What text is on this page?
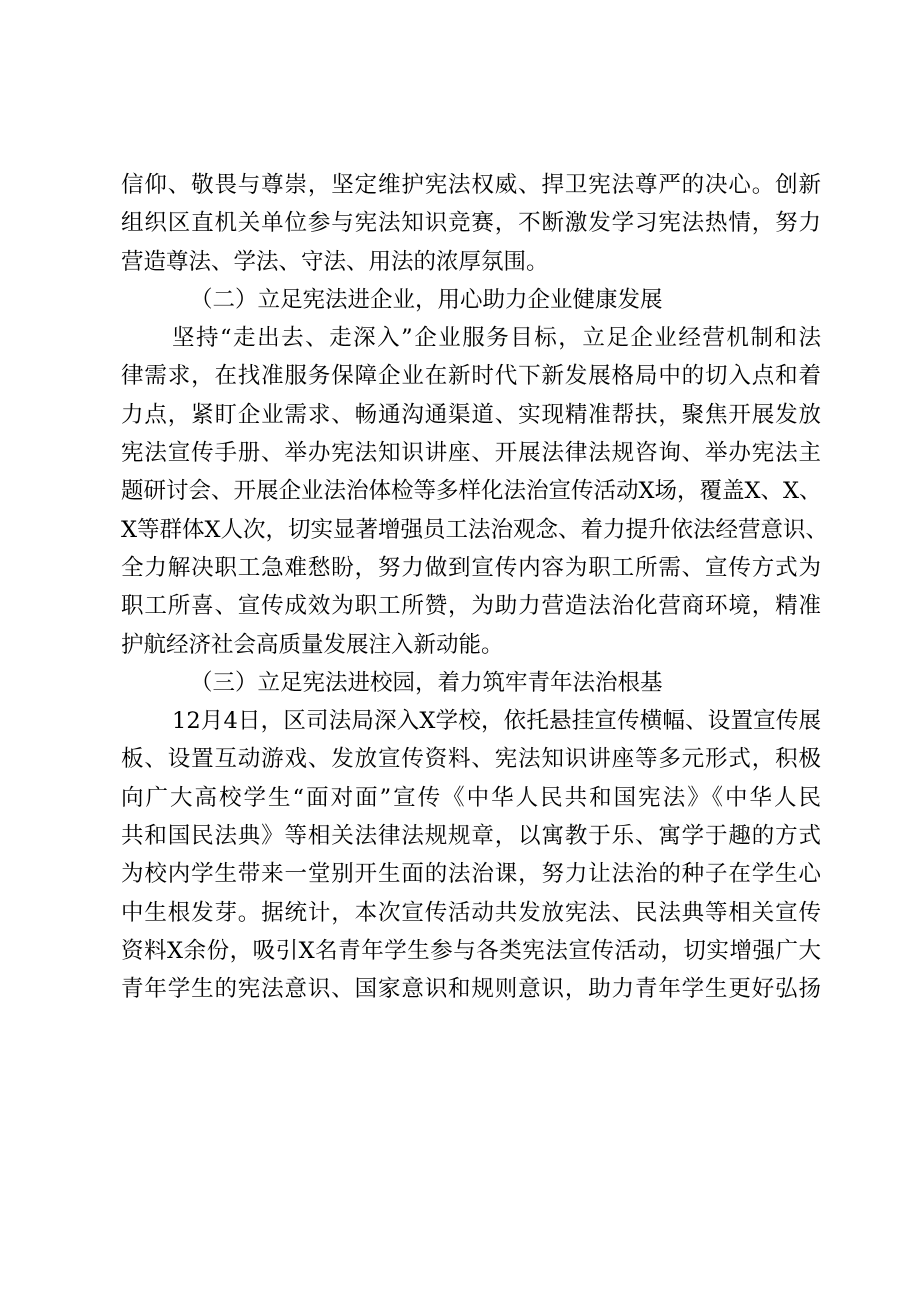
信仰、敬畏与尊崇，坚定维护宪法权威、捍卫宪法尊严的决心。创新
组织区直机关单位参与宪法知识竞赛，不断激发学习宪法热情，努力
营造尊法、学法、守法、用法的浓厚氛围。
（二）立足宪法进企业，用心助力企业健康发展
坚持“走出去、走深入”企业服务目标，立足企业经营机制和法
律需求，在找准服务保障企业在新时代下新发展格局中的切入点和着
力点，紧盯企业需求、畅通沟通渠道、实现精准帮扶，聚焦开展发放
宪法宣传手册、举办宪法知识讲座、开展法律法规咨询、举办宪法主
题研讨会、开展企业法治体检等多样化法治宣传活动X场，覆盖X、X、
X等群体X人次，切实显著增强员工法治观念、着力提升依法经营意识、
全力解决职工急难愁盼，努力做到宣传内容为职工所需、宣传方式为
职工所喜、宣传成效为职工所赞，为助力营造法治化营商环境，精准
护航经济社会高质量发展注入新动能。
（三）立足宪法进校园，着力筑牢青年法治根基
12月4日，区司法局深入X学校，依托悬挂宣传横幅、设置宣传展
板、设置互动游戏、发放宣传资料、宪法知识讲座等多元形式，积极
向广大高校学生“面对面”宣传《中华人民共和国宪法》《中华人民
共和国民法典》等相关法律法规规章，以寓教于乐、寓学于趣的方式
为校内学生带来一堂别开生面的法治课，努力让法治的种子在学生心
中生根发芽。据统计，本次宣传活动共发放宪法、民法典等相关宣传
资料X余份，吸引X名青年学生参与各类宪法宣传活动，切实增强广大
青年学生的宪法意识、国家意识和规则意识，助力青年学生更好弘扬
